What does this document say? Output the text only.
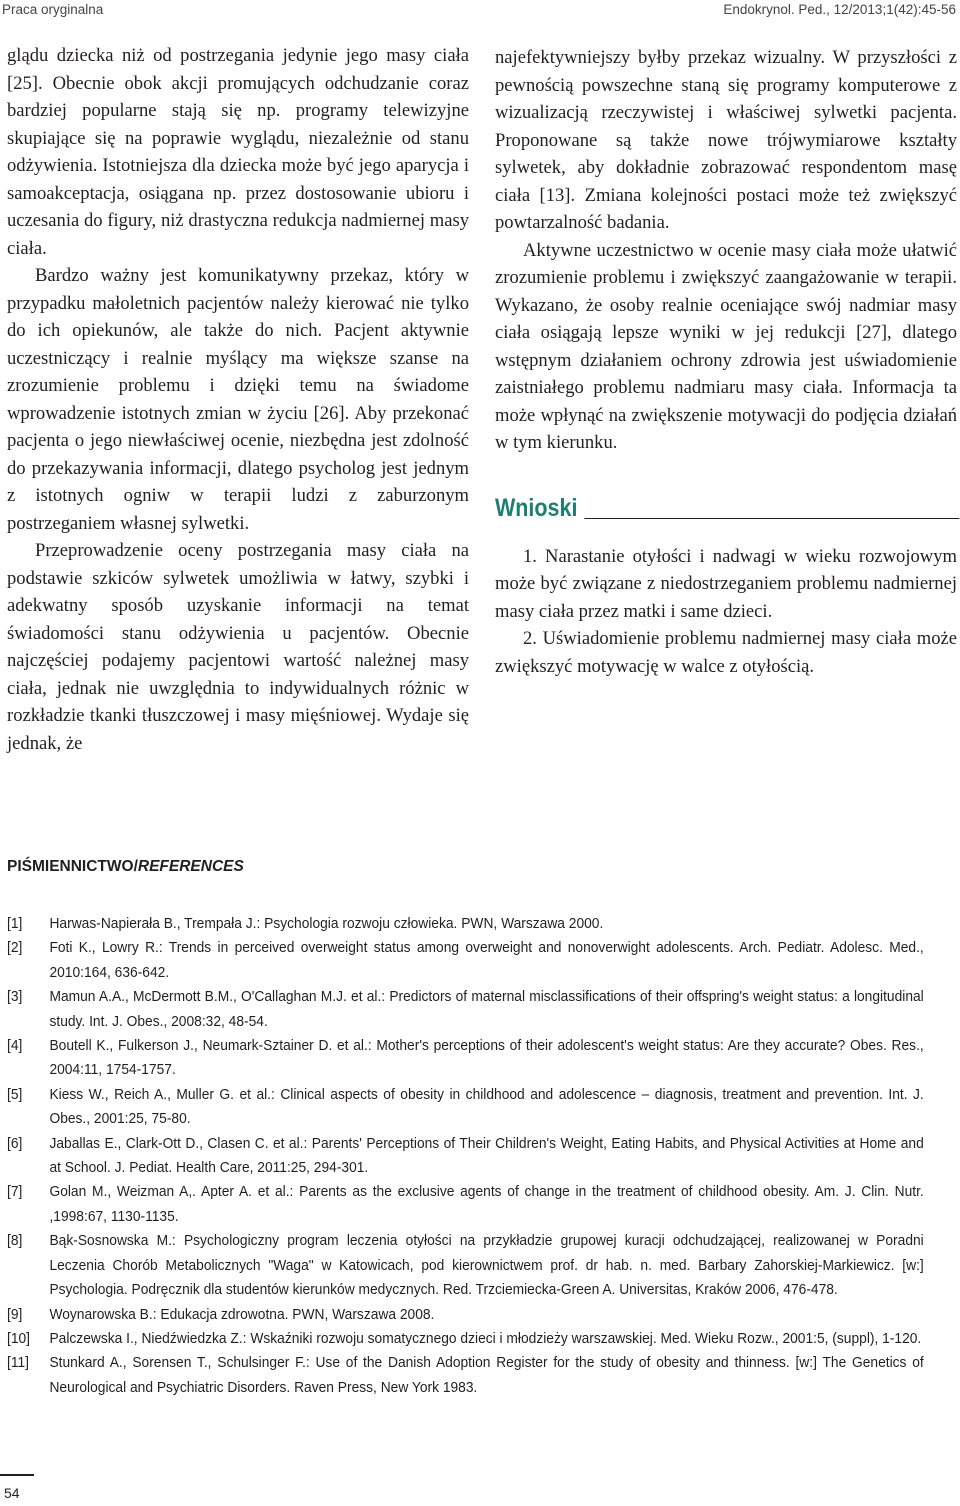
Praca oryginalna	Endokrynol. Ped., 12/2013;1(42):45-56

glądu dziecka niż od postrzegania jedynie jego masy ciała [25]. Obecnie obok akcji promujących odchudzanie coraz bardziej popularne stają się np. programy telewizyjne skupiające się na poprawie wyglądu, niezależnie od stanu odżywienia. Istotniejsza dla dziecka może być jego aparycja i samoakceptacja, osiągana np. przez dostosowanie ubioru i uczesania do figury, niż drastyczna redukcja nadmiernej masy ciała.

Bardzo ważny jest komunikatywny przekaz, który w przypadku małoletnich pacjentów należy kierować nie tylko do ich opiekunów, ale także do nich. Pacjent aktywnie uczestniczący i realnie myślący ma większe szanse na zrozumienie problemu i dzięki temu na świadome wprowadzenie istotnych zmian w życiu [26]. Aby przekonać pacjenta o jego niewłaściwej ocenie, niezbędna jest zdolność do przekazywania informacji, dlatego psycholog jest jednym z istotnych ogniw w terapii ludzi z zaburzonym postrzeganiem własnej sylwetki.

Przeprowadzenie oceny postrzegania masy ciała na podstawie szkiców sylwetek umożliwia w łatwy, szybki i adekwatny sposób uzyskanie informacji na temat świadomości stanu odżywienia u pacjentów. Obecnie najczęściej podajemy pacjentowi wartość należnej masy ciała, jednak nie uwzględnia to indywidualnych różnic w rozkładzie tkanki tłuszczowej i masy mięśniowej. Wydaje się jednak, że

najefektywniejszy byłby przekaz wizualny. W przyszłości z pewnością powszechne staną się programy komputerowe z wizualizacją rzeczywistej i właściwej sylwetki pacjenta. Proponowane są także nowe trójwymiarowe kształty sylwetek, aby dokładnie zobrazować respondentom masę ciała [13]. Zmiana kolejności postaci może też zwiększyć powtarzalność badania.

Aktywne uczestnictwo w ocenie masy ciała może ułatwić zrozumienie problemu i zwiększyć zaangażowanie w terapii. Wykazano, że osoby realnie oceniające swój nadmiar masy ciała osiągają lepsze wyniki w jej redukcji [27], dlatego wstępnym działaniem ochrony zdrowia jest uświadomienie zaistniałego problemu nadmiaru masy ciała. Informacja ta może wpłynąć na zwiększenie motywacji do podjęcia działań w tym kierunku.

Wnioski

1. Narastanie otyłości i nadwagi w wieku rozwojowym może być związane z niedostrzeganiem problemu nadmiernej masy ciała przez matki i same dzieci.

2. Uświadomienie problemu nadmiernej masy ciała może zwiększyć motywację w walce z otyłością.

PIŚMIENNICTWO/REFERENCES
[1]	Harwas-Napierała B., Trempała J.: Psychologia rozwoju człowieka. PWN, Warszawa 2000.
[2]	Foti K., Lowry R.: Trends in perceived overweight status among overweight and nonoverwight adolescents. Arch. Pediatr. Adolesc. Med., 2010:164, 636-642.
[3]	Mamun A.A., McDermott B.M., O'Callaghan M.J. et al.: Predictors of maternal misclassifications of their offspring's weight status: a longitudinal study. Int. J. Obes., 2008:32, 48-54.
[4]	Boutell K., Fulkerson J., Neumark-Sztainer D. et al.: Mother's perceptions of their adolescent's weight status: Are they accurate? Obes. Res., 2004:11, 1754-1757.
[5]	Kiess W., Reich A., Muller G. et al.: Clinical aspects of obesity in childhood and adolescence – diagnosis, treatment and prevention. Int. J. Obes., 2001:25, 75-80.
[6]	Jaballas E., Clark-Ott D., Clasen C. et al.: Parents' Perceptions of Their Children's Weight, Eating Habits, and Physical Activities at Home and at School. J. Pediat. Health Care, 2011:25, 294-301.
[7]	Golan M., Weizman A,. Apter A. et al.: Parents as the exclusive agents of change in the treatment of childhood obesity. Am. J. Clin. Nutr. ,1998:67, 1130-1135.
[8]	Bąk-Sosnowska M.: Psychologiczny program leczenia otyłości na przykładzie grupowej kuracji odchudzającej, realizowanej w Poradni Leczenia Chorób Metabolicznych "Waga" w Katowicach, pod kierownictwem prof. dr hab. n. med. Barbary Zahorskiej-Markiewicz. [w:] Psychologia. Podręcznik dla studentów kierunków medycznych. Red. Trzciemiecka-Green A. Universitas, Kraków 2006, 476-478.
[9]	Woynarowska B.: Edukacja zdrowotna. PWN, Warszawa 2008.
[10]	Palczewska I., Niedźwiedzka Z.: Wskaźniki rozwoju somatycznego dzieci i młodzieży warszawskiej. Med. Wieku Rozw., 2001:5, (suppl), 1-120.
[11]	Stunkard A., Sorensen T., Schulsinger F.: Use of the Danish Adoption Register for the study of obesity and thinness. [w:] The Genetics of Neurological and Psychiatric Disorders. Raven Press, New York 1983.
54
